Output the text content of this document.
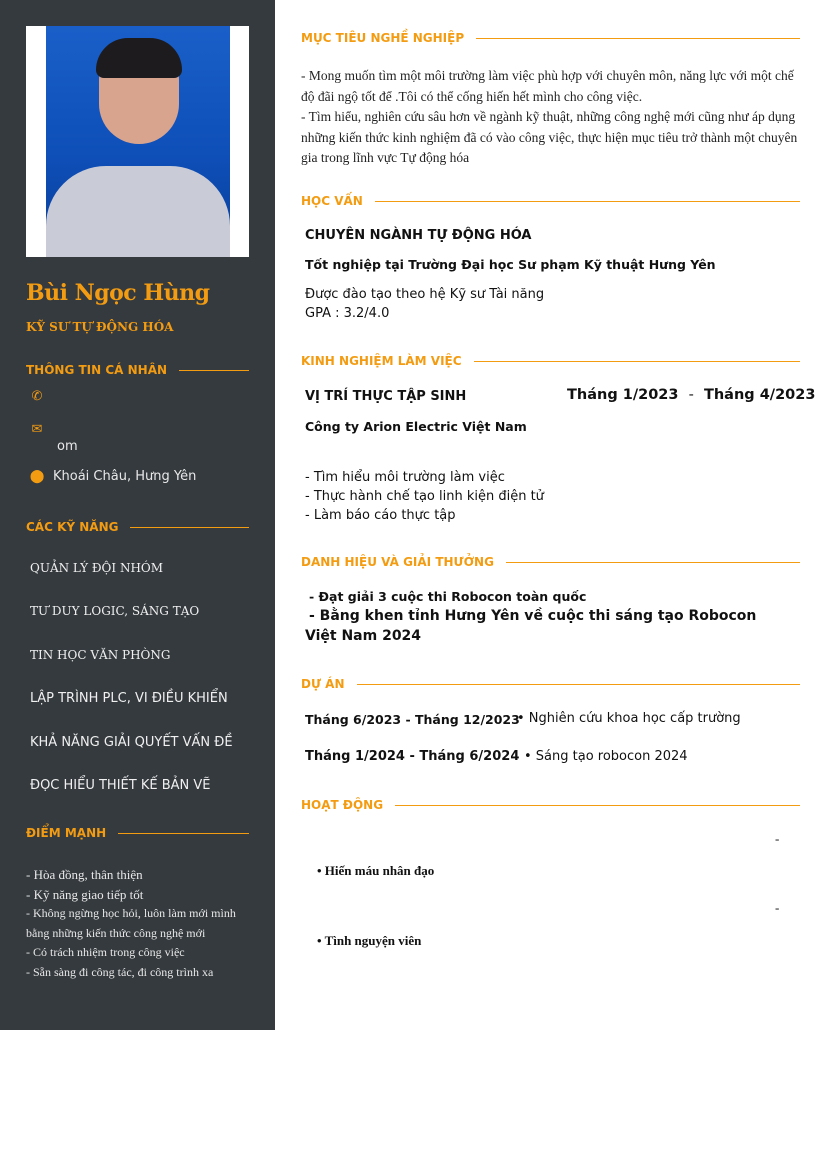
Bùi Ngọc Hùng
KỸ SƯ TỰ ĐỘNG HÓA
THÔNG TIN CÁ NHÂN
✆
✉
om
⬤ Khoái Châu, Hưng Yên
CÁC KỸ NĂNG
QUẢN LÝ ĐỘI NHÓM
TƯ DUY LOGIC, SÁNG TẠO
TIN HỌC VĂN PHÒNG
LẬP TRÌNH PLC, VI ĐIỀU KHIỂN
KHẢ NĂNG GIẢI QUYẾT VẤN ĐỀ
ĐỌC HIỂU THIẾT KẾ BẢN VẼ
ĐIỂM MẠNH
- Hòa đồng, thân thiện
- Kỹ năng giao tiếp tốt
- Không ngừng học hỏi, luôn làm mới mình bằng những kiến thức công nghệ mới
- Có trách nhiệm trong công việc
- Sẵn sàng đi công tác, đi công trình xa
MỤC TIÊU NGHỀ NGHIỆP
- Mong muốn tìm một môi trường làm việc phù hợp với chuyên môn, năng lực với một chế độ đãi ngộ tốt để .Tôi có thể cống hiến hết mình cho công việc.
- Tìm hiểu, nghiên cứu sâu hơn về ngành kỹ thuật, những công nghệ mới cũng như áp dụng những kiến thức kinh nghiệm đã có vào công việc, thực hiện mục tiêu trở thành một chuyên gia trong lĩnh vực Tự động hóa
HỌC VẤN
CHUYÊN NGÀNH TỰ ĐỘNG HÓA
Tốt nghiệp tại Trường Đại học Sư phạm Kỹ thuật Hưng Yên
Được đào tạo theo hệ Kỹ sư Tài năng
GPA : 3.2/4.0
KINH NGHIỆM LÀM VIỆC
VỊ TRÍ THỰC TẬP SINH	Tháng 1/2023 - Tháng 4/2023
Công ty Arion Electric Việt Nam
- Tìm hiểu môi trường làm việc
- Thực hành chế tạo linh kiện điện tử
- Làm báo cáo thực tập
DANH HIỆU VÀ GIẢI THƯỞNG
- Đạt giải 3 cuộc thi Robocon toàn quốc
- Bằng khen tỉnh Hưng Yên về cuộc thi sáng tạo Robocon Việt Nam 2024
DỰ ÁN
Tháng 6/2023 - Tháng 12/2023
• Nghiên cứu khoa học cấp trường
Tháng 1/2024 - Tháng 6/2024 • Sáng tạo robocon 2024
HOẠT ĐỘNG
-
• Hiến máu nhân đạo
-
• Tình nguyện viên
